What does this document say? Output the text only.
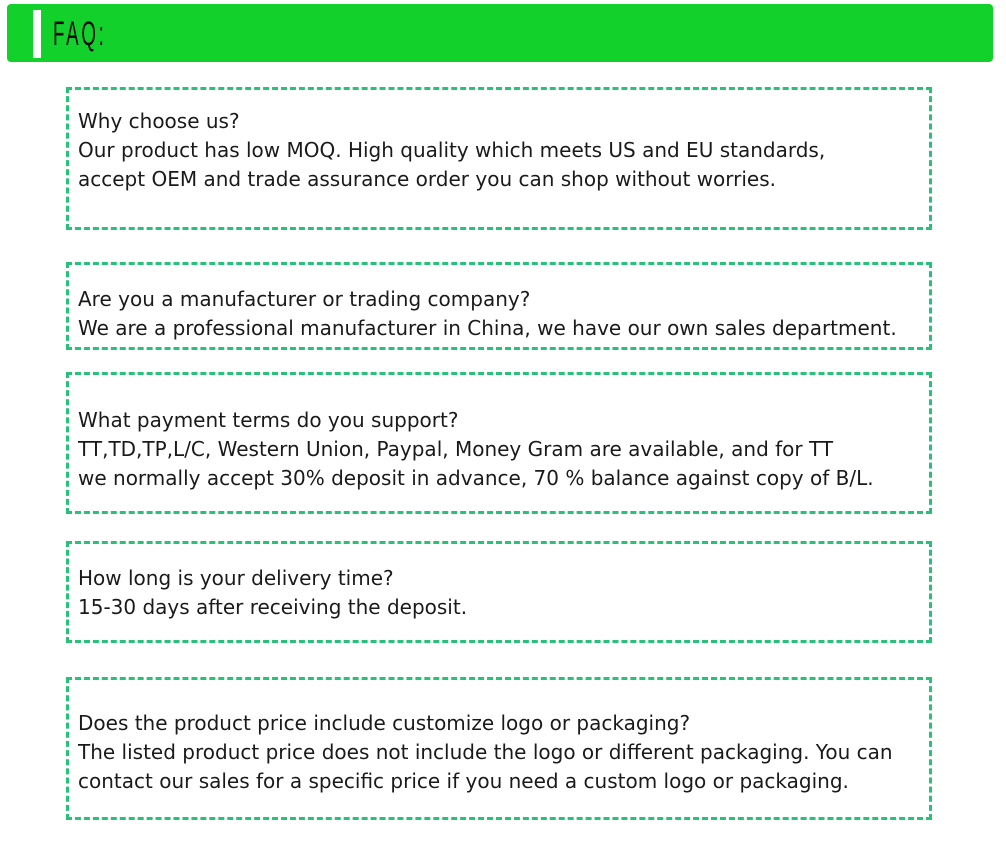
FAQ:
Why choose us?
Our product has low MOQ. High quality which meets US and EU standards,
accept OEM and trade assurance order you can shop without worries.
Are you a manufacturer or trading company?
We are a professional manufacturer in China, we have our own sales department.
What payment terms do you support?
TT,TD,TP,L/C, Western Union, Paypal, Money Gram are available, and for TT
we normally accept 30% deposit in advance, 70 % balance against copy of B/L.
How long is your delivery time?
15-30 days after receiving the deposit.
Does the product price include customize logo or packaging?
The listed product price does not include the logo or different packaging. You can
contact our sales for a specific price if you need a custom logo or packaging.
